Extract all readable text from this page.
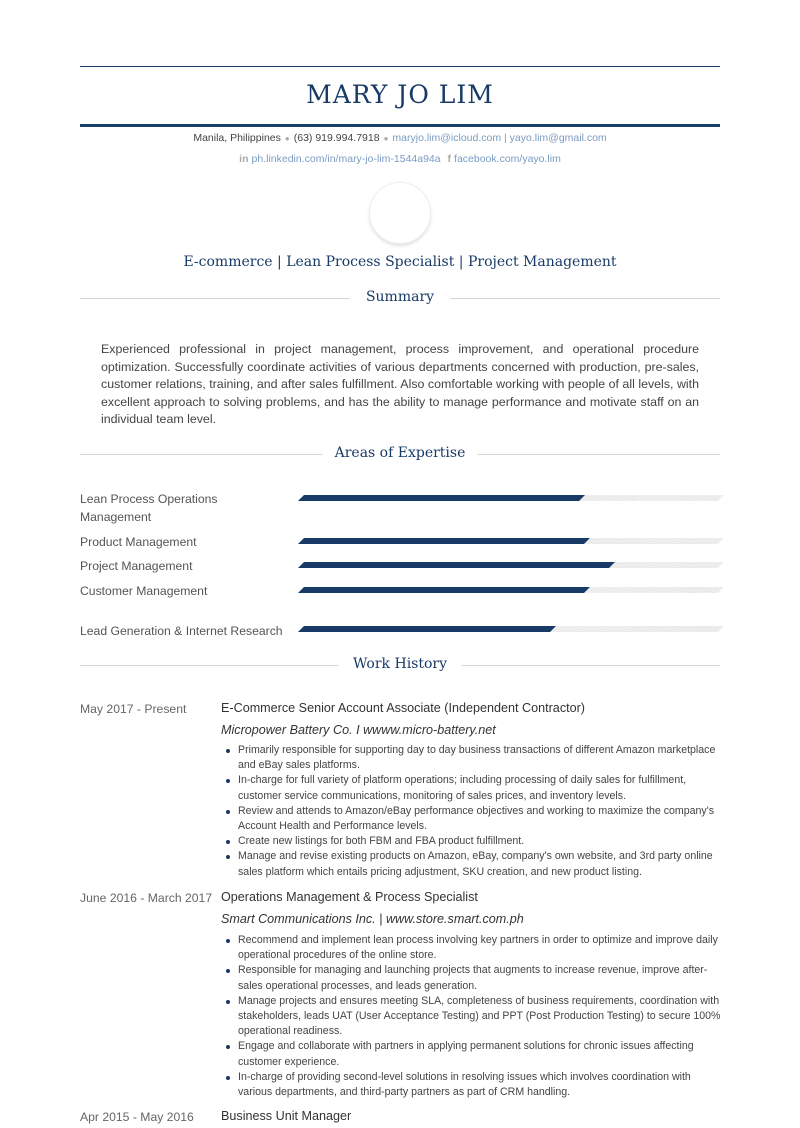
MARY JO LIM
Manila, Philippines ● (63) 919.994.7918 ● maryjo.lim@icloud.com | yayo.lim@gmail.com
in ph.linkedin.com/in/mary-jo-lim-1544a94a f facebook.com/yayo.lim
E-commerce | Lean Process Specialist | Project Management
Summary
Experienced professional in project management, process improvement, and operational procedure optimization. Successfully coordinate activities of various departments concerned with production, pre-sales, customer relations, training, and after sales fulfillment. Also comfortable working with people of all levels, with excellent approach to solving problems, and has the ability to manage performance and motivate staff on an individual team level.
Areas of Expertise
Lean Process Operations Management
Product Management
Project Management
Customer Management
Lead Generation & Internet Research
Work History
May 2017 - Present	E-Commerce Senior Account Associate (Independent Contractor)
Micropower Battery Co. I wwww.micro-battery.net
Primarily responsible for supporting day to day business transactions of different Amazon marketplace and eBay sales platforms.
In-charge for full variety of platform operations; including processing of daily sales for fulfillment, customer service communications, monitoring of sales prices, and inventory levels.
Review and attends to Amazon/eBay performance objectives and working to maximize the company's Account Health and Performance levels.
Create new listings for both FBM and FBA product fulfillment.
Manage and revise existing products on Amazon, eBay, company's own website, and 3rd party online sales platform which entails pricing adjustment, SKU creation, and new product listing.
June 2016 - March 2017 Operations Management & Process Specialist
Smart Communications Inc. | www.store.smart.com.ph
Recommend and implement lean process involving key partners in order to optimize and improve daily operational procedures of the online store.
Responsible for managing and launching projects that augments to increase revenue, improve after-sales operational processes, and leads generation.
Manage projects and ensures meeting SLA, completeness of business requirements, coordination with stakeholders, leads UAT (User Acceptance Testing) and PPT (Post Production Testing) to secure 100% operational readiness.
Engage and collaborate with partners in applying permanent solutions for chronic issues affecting customer experience.
In-charge of providing second-level solutions in resolving issues which involves coordination with various departments, and third-party partners as part of CRM handling.
Apr 2015 - May 2016 Business Unit Manager
